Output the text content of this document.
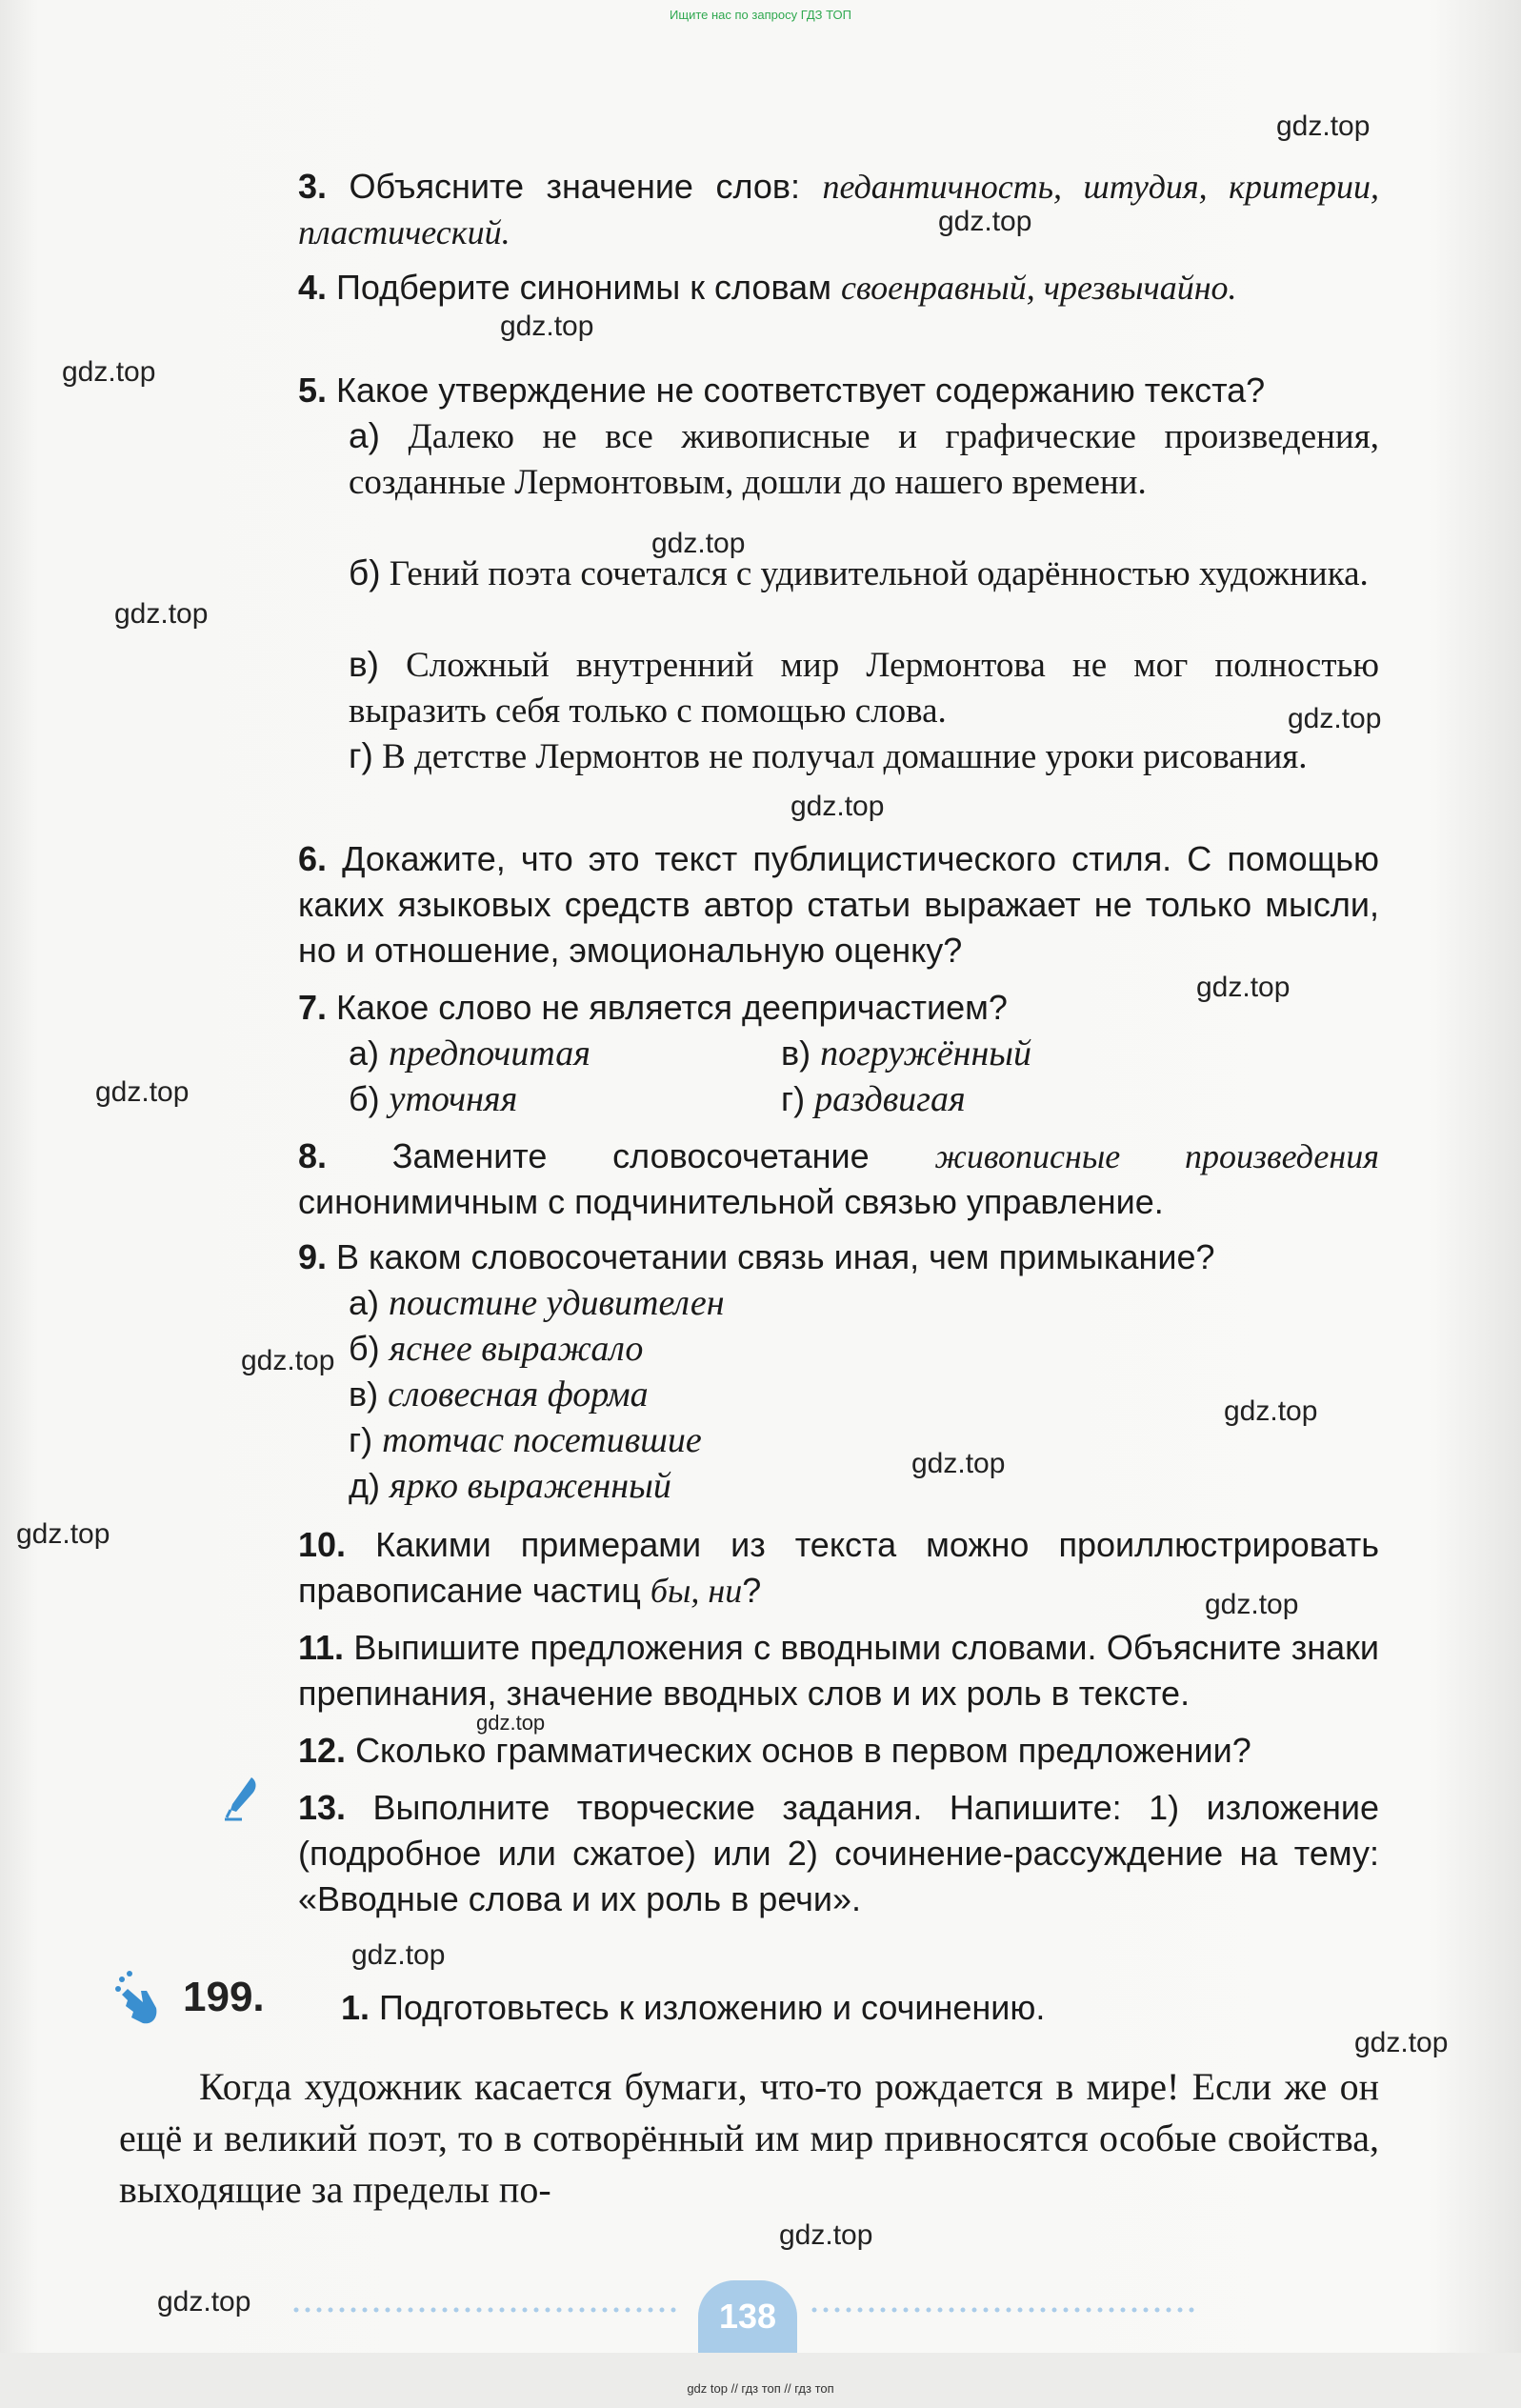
Ищите нас по запросу ГДЗ ТОП
gdz.top
gdz.top
gdz.top
gdz.top
gdz.top
gdz.top
gdz.top
gdz.top
gdz.top
gdz.top
gdz.top
gdz.top
gdz.top
gdz.top
gdz.top
gdz.top
gdz.top
gdz.top
gdz.top
gdz.top
3. Объясните значение слов: педантичность, штудия, критерии, пластический.
4. Подберите синонимы к словам своенравный, чрезвычайно.
5. Какое утверждение не соответствует содержанию текста?
а) Далеко не все живописные и графические произведения, созданные Лермонтовым, дошли до нашего времени.
б) Гений поэта сочетался с удивительной одарённостью художника.
в) Сложный внутренний мир Лермонтова не мог полностью выразить себя только с помощью слова.
г) В детстве Лермонтов не получал домашние уроки рисования.
6. Докажите, что это текст публицистического стиля. С помощью каких языковых средств автор статьи выражает не только мысли, но и отношение, эмоциональную оценку?
7. Какое слово не является деепричастием?
а) предпочитая	в) погружённый
б) уточняя	г) раздвигая
8. Замените словосочетание живописные произведения синонимичным с подчинительной связью управление.
9. В каком словосочетании связь иная, чем примыкание?
а) поистине удивителен
б) яснее выражало
в) словесная форма
г) тотчас посетившие
д) ярко выраженный
10. Какими примерами из текста можно проиллюстрировать правописание частиц бы, ни?
11. Выпишите предложения с вводными словами. Объясните знаки препинания, значение вводных слов и их роль в тексте.
12. Сколько грамматических основ в первом предложении?
13. Выполните творческие задания. Напишите: 1) изложение (подробное или сжатое) или 2) сочинение-рассуждение на тему: «Вводные слова и их роль в речи».
199. 1. Подготовьтесь к изложению и сочинению.
Когда художник касается бумаги, что-то рождается в мире! Если же он ещё и великий поэт, то в сотворённый им мир привносятся особые свойства, выходящие за пределы по-
138
gdz top // гдз топ // гдз топ
